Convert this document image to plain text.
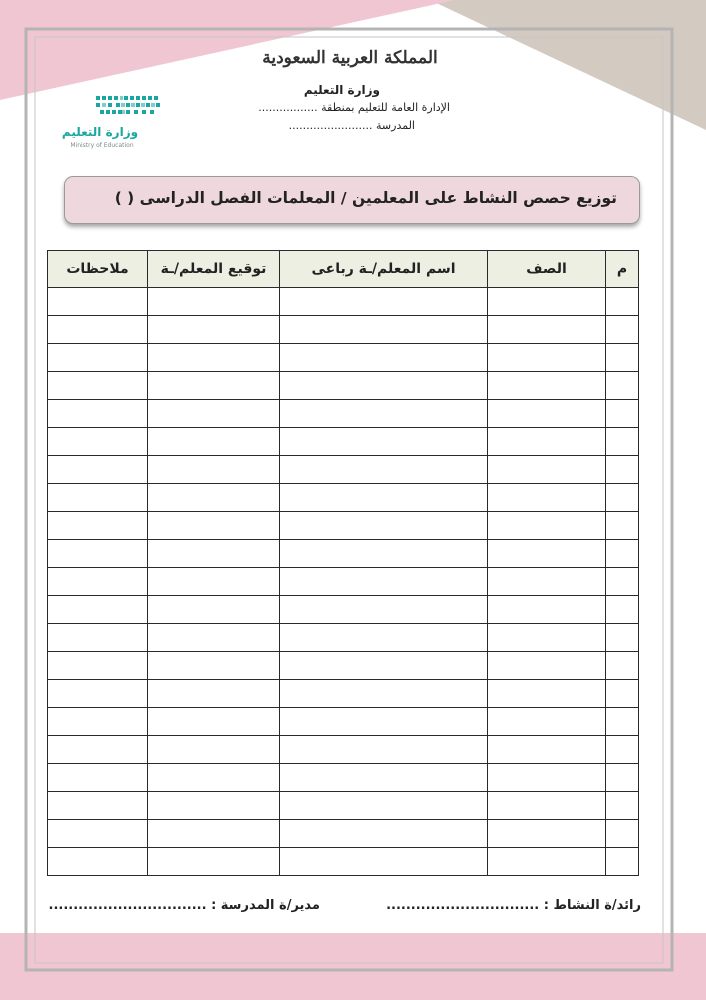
المملكة العربية السعودية
وزارة التعليم
الإدارة العامة للتعليم بمنطقة .................
المدرسة ........................
وزارة التعليم
Ministry of Education
توزيع حصص النشاط على المعلمين / المعلمات الفصل الدراسى ( )
م	الصف	اسم المعلم/ـة رباعى	توقيع المعلم/ـة	ملاحظات

رائد/ة النشاط : ...............................
مدير/ة المدرسة : ................................
